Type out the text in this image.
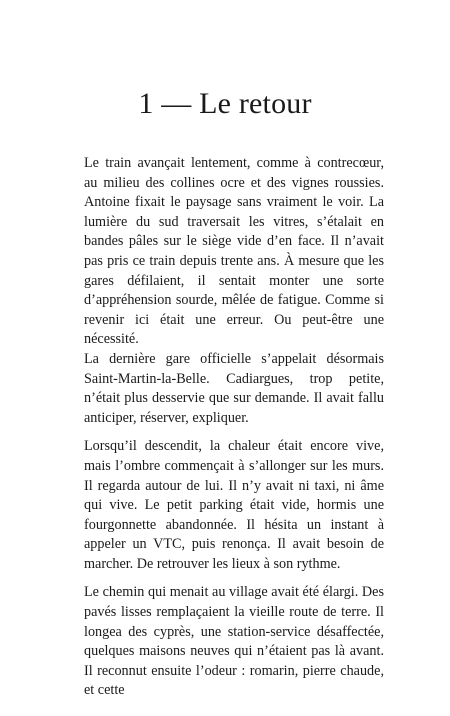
1 — Le retour

Le train avançait lentement, comme à contrecœur, au milieu des collines ocre et des vignes roussies. Antoine fixait le paysage sans vraiment le voir. La lumière du sud traversait les vitres, s’étalait en bandes pâles sur le siège vide d’en face. Il n’avait pas pris ce train depuis trente ans. À mesure que les gares défilaient, il sentait monter une sorte d’appréhension sourde, mêlée de fatigue. Comme si revenir ici était une erreur. Ou peut-être une nécessité.

La dernière gare officielle s’appelait désormais Saint-Martin-la-Belle. Cadiargues, trop petite, n’était plus desservie que sur demande. Il avait fallu anticiper, réserver, expliquer.

Lorsqu’il descendit, la chaleur était encore vive, mais l’ombre commençait à s’allonger sur les murs. Il regarda autour de lui. Il n’y avait ni taxi, ni âme qui vive. Le petit parking était vide, hormis une fourgonnette abandonnée. Il hésita un instant à appeler un VTC, puis renonça. Il avait besoin de marcher. De retrouver les lieux à son rythme.

Le chemin qui menait au village avait été élargi. Des pavés lisses remplaçaient la vieille route de terre. Il longea des cyprès, une station-service désaffectée, quelques maisons neuves qui n’étaient pas là avant. Il reconnut ensuite l’odeur : romarin, pierre chaude, et cette
